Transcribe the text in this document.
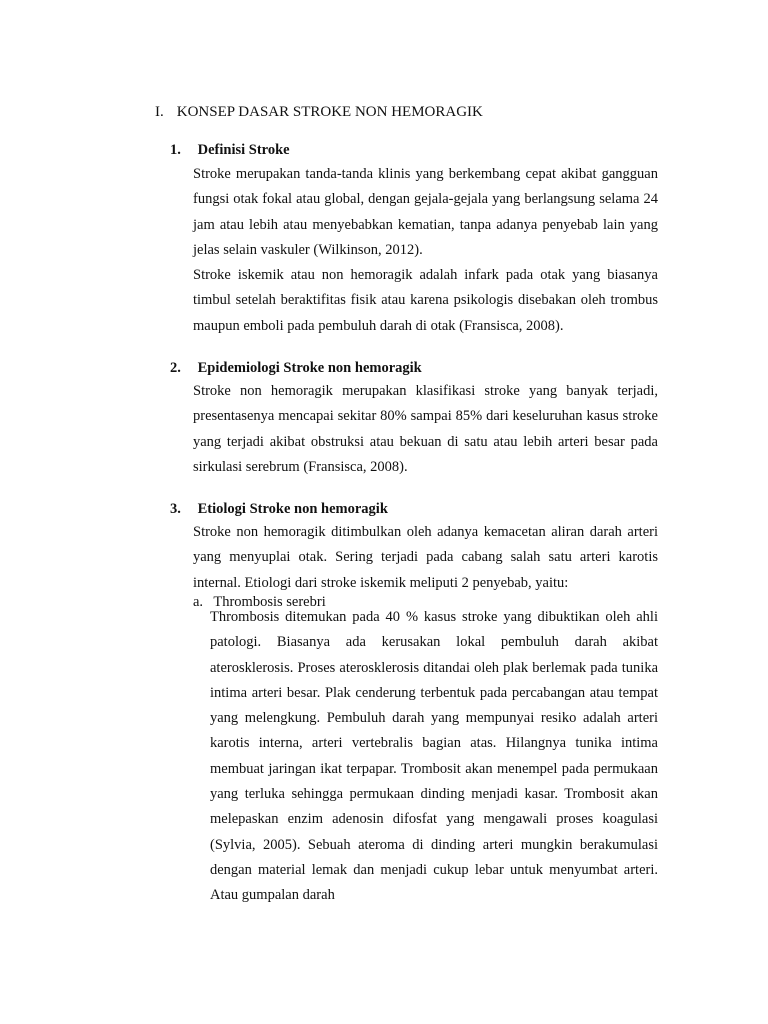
I. KONSEP DASAR STROKE NON HEMORAGIK
1. Definisi Stroke

Stroke merupakan tanda-tanda klinis yang berkembang cepat akibat gangguan fungsi otak fokal atau global, dengan gejala-gejala yang berlangsung selama 24 jam atau lebih atau menyebabkan kematian, tanpa adanya penyebab lain yang jelas selain vaskuler (Wilkinson, 2012).

Stroke iskemik atau non hemoragik adalah infark pada otak yang biasanya timbul setelah beraktifitas fisik atau karena psikologis disebakan oleh trombus maupun emboli pada pembuluh darah di otak (Fransisca, 2008).

2. Epidemiologi Stroke non hemoragik

Stroke non hemoragik merupakan klasifikasi stroke yang banyak terjadi, presentasenya mencapai sekitar 80% sampai 85% dari keseluruhan kasus stroke yang terjadi akibat obstruksi atau bekuan di satu atau lebih arteri besar pada sirkulasi serebrum (Fransisca, 2008).

3. Etiologi Stroke non hemoragik

Stroke non hemoragik ditimbulkan oleh adanya kemacetan aliran darah arteri yang menyuplai otak. Sering terjadi pada cabang salah satu arteri karotis internal. Etiologi dari stroke iskemik meliputi 2 penyebab, yaitu:

a. Thrombosis serebri

Thrombosis ditemukan pada 40 % kasus stroke yang dibuktikan oleh ahli patologi. Biasanya ada kerusakan lokal pembuluh darah akibat aterosklerosis. Proses aterosklerosis ditandai oleh plak berlemak pada tunika intima arteri besar. Plak cenderung terbentuk pada percabangan atau tempat yang melengkung. Pembuluh darah yang mempunyai resiko adalah arteri karotis interna, arteri vertebralis bagian atas. Hilangnya tunika intima membuat jaringan ikat terpapar. Trombosit akan menempel pada permukaan yang terluka sehingga permukaan dinding menjadi kasar. Trombosit akan melepaskan enzim adenosin difosfat yang mengawali proses koagulasi (Sylvia, 2005). Sebuah ateroma di dinding arteri mungkin berakumulasi dengan material lemak dan menjadi cukup lebar untuk menyumbat arteri. Atau gumpalan darah
